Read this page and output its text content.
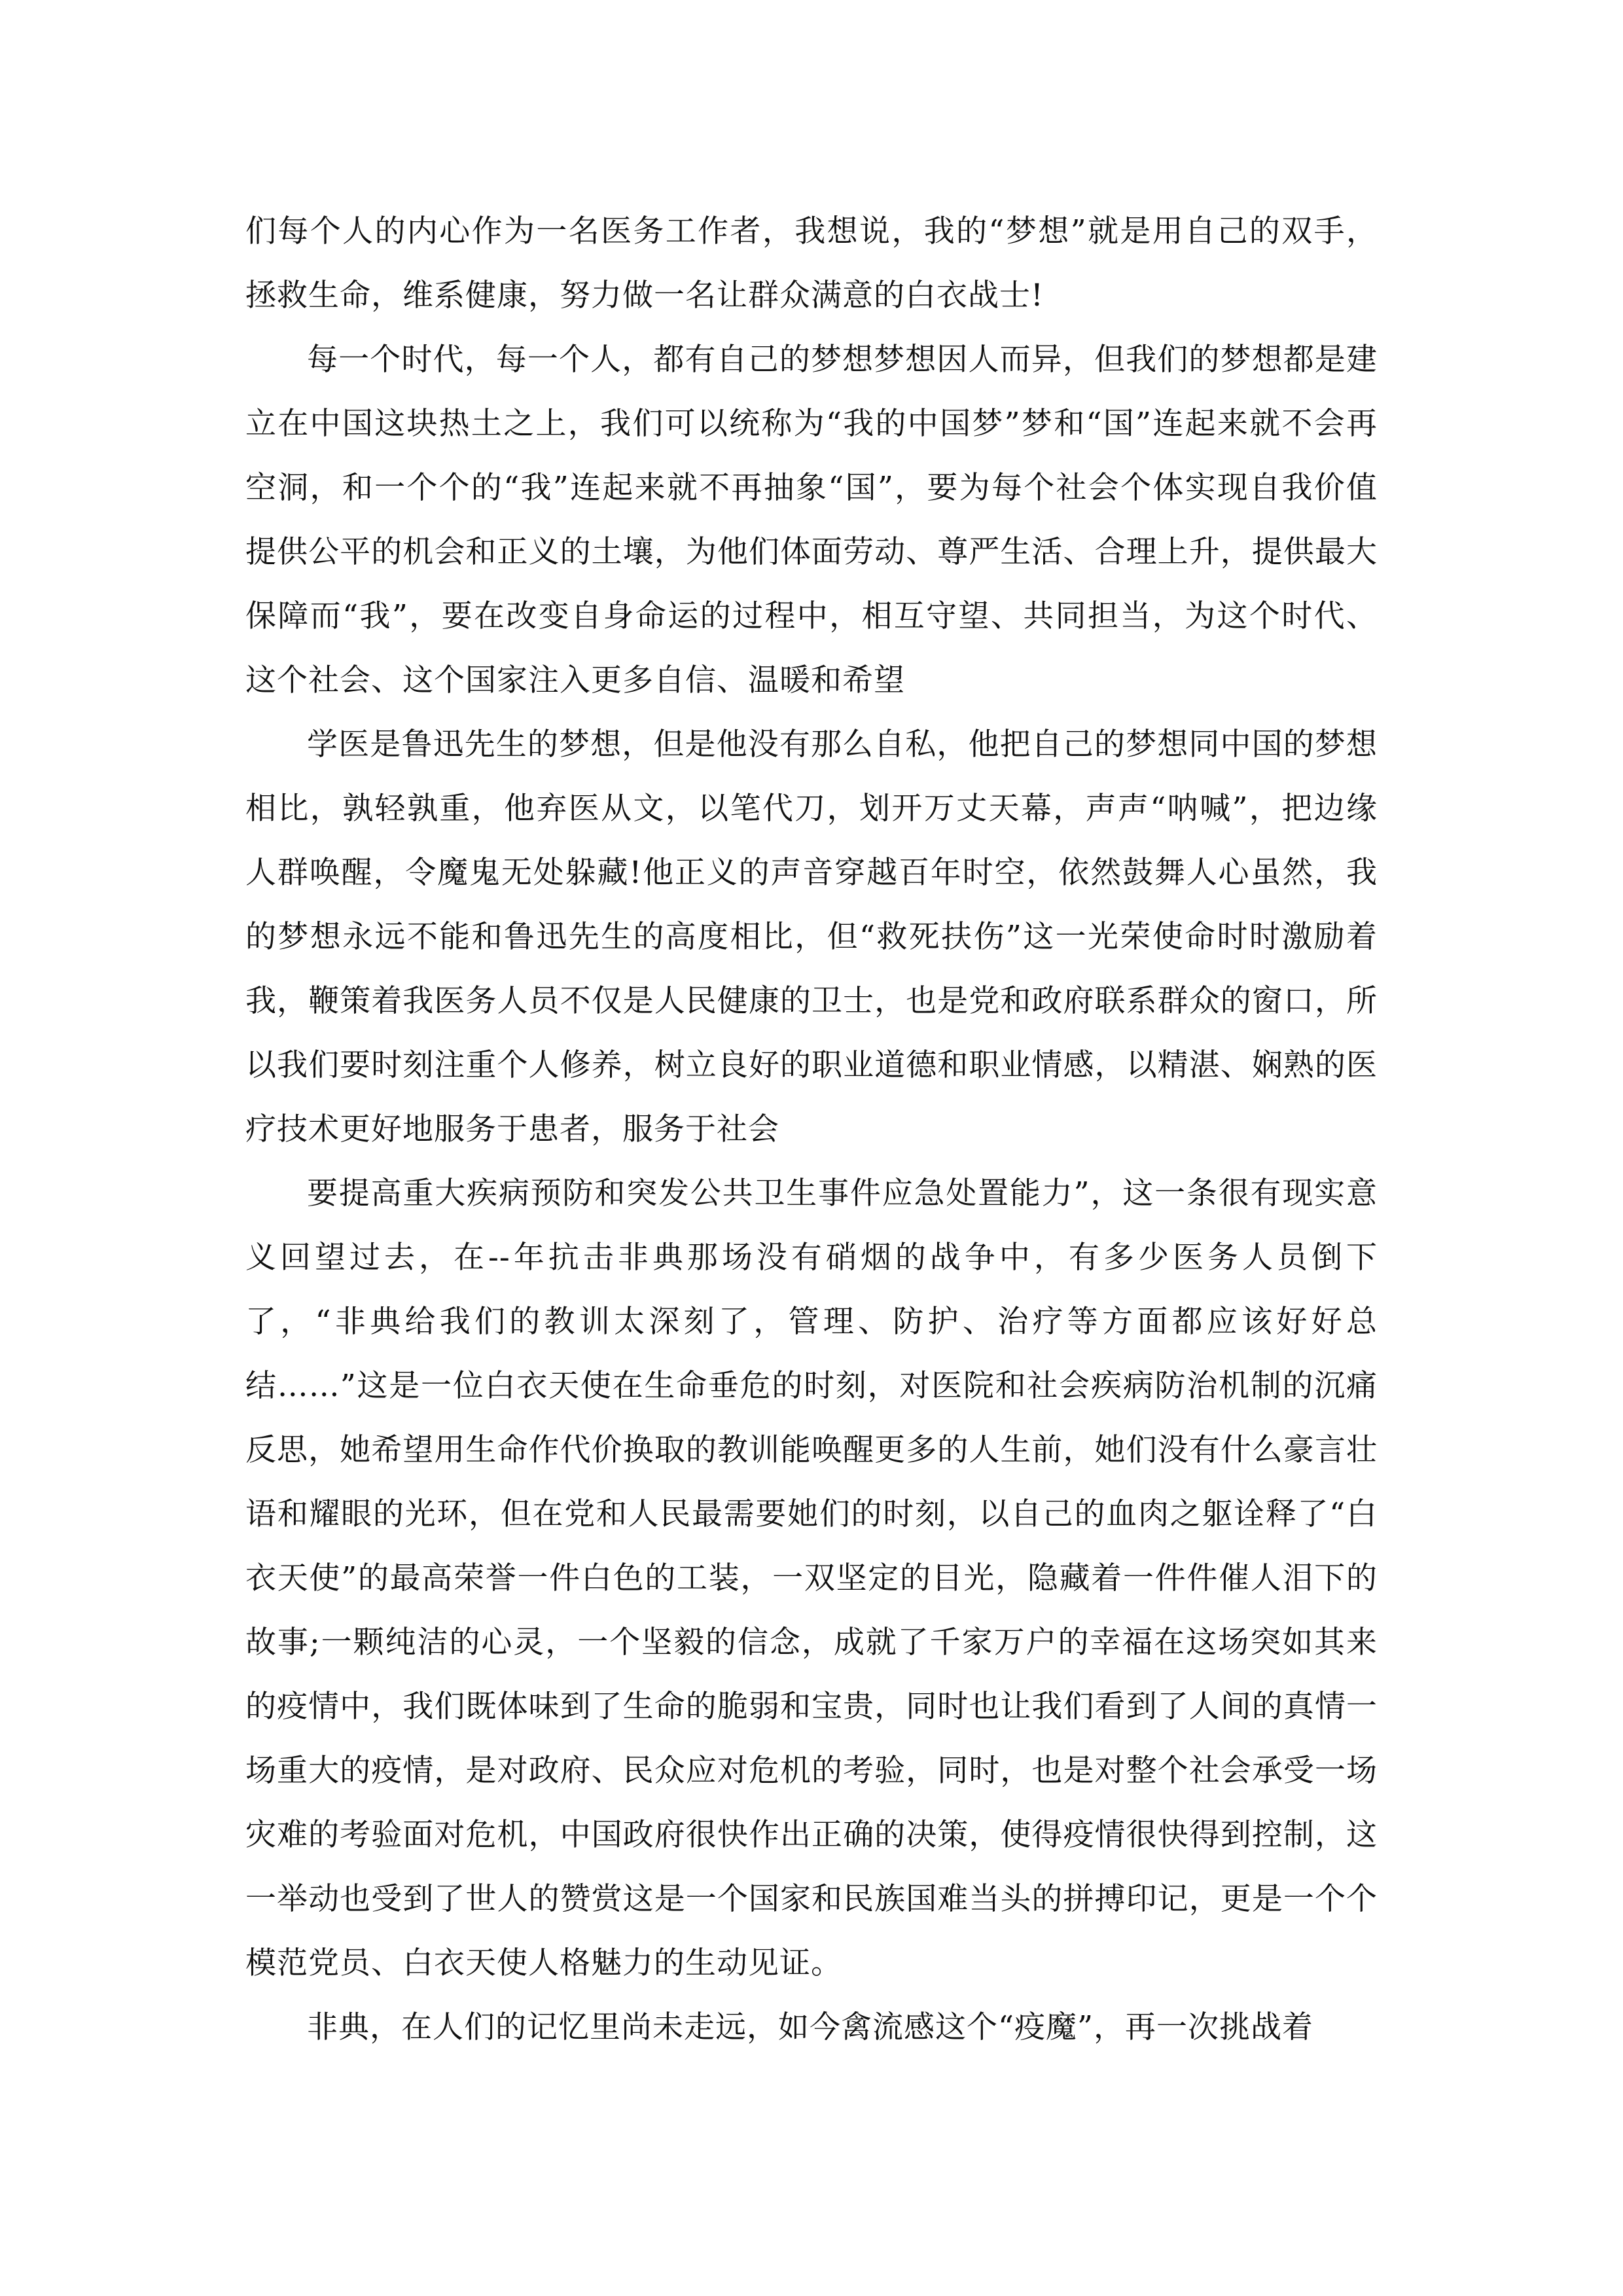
们每个人的内心作为一名医务工作者，我想说，我的“梦想”就是用自己的双手，拯救生命，维系健康，努力做一名让群众满意的白衣战士!

每一个时代，每一个人，都有自己的梦想梦想因人而异，但我们的梦想都是建立在中国这块热土之上，我们可以统称为“我的中国梦”梦和“国”连起来就不会再空洞，和一个个的“我”连起来就不再抽象“国”，要为每个社会个体实现自我价值提供公平的机会和正义的土壤，为他们体面劳动、尊严生活、合理上升，提供最大保障而“我”，要在改变自身命运的过程中，相互守望、共同担当，为这个时代、这个社会、这个国家注入更多自信、温暖和希望

学医是鲁迅先生的梦想，但是他没有那么自私，他把自己的梦想同中国的梦想相比，孰轻孰重，他弃医从文，以笔代刀，划开万丈天幕，声声“呐喊”，把边缘人群唤醒，令魔鬼无处躲藏!他正义的声音穿越百年时空，依然鼓舞人心虽然，我的梦想永远不能和鲁迅先生的高度相比，但“救死扶伤”这一光荣使命时时激励着我，鞭策着我医务人员不仅是人民健康的卫士，也是党和政府联系群众的窗口，所以我们要时刻注重个人修养，树立良好的职业道德和职业情感，以精湛、娴熟的医疗技术更好地服务于患者，服务于社会

要提高重大疾病预防和突发公共卫生事件应急处置能力”，这一条很有现实意义回望过去，在--年抗击非典那场没有硝烟的战争中，有多少医务人员倒下了，“非典给我们的教训太深刻了，管理、防护、治疗等方面都应该好好总结……”这是一位白衣天使在生命垂危的时刻，对医院和社会疾病防治机制的沉痛反思，她希望用生命作代价换取的教训能唤醒更多的人生前，她们没有什么豪言壮语和耀眼的光环，但在党和人民最需要她们的时刻，以自己的血肉之躯诠释了“白衣天使”的最高荣誉一件白色的工装，一双坚定的目光，隐藏着一件件催人泪下的故事;一颗纯洁的心灵，一个坚毅的信念，成就了千家万户的幸福在这场突如其来的疫情中，我们既体味到了生命的脆弱和宝贵，同时也让我们看到了人间的真情一场重大的疫情，是对政府、民众应对危机的考验，同时，也是对整个社会承受一场灾难的考验面对危机，中国政府很快作出正确的决策，使得疫情很快得到控制，这一举动也受到了世人的赞赏这是一个国家和民族国难当头的拼搏印记，更是一个个模范党员、白衣天使人格魅力的生动见证。

非典，在人们的记忆里尚未走远，如今禽流感这个“疫魔”，再一次挑战着
